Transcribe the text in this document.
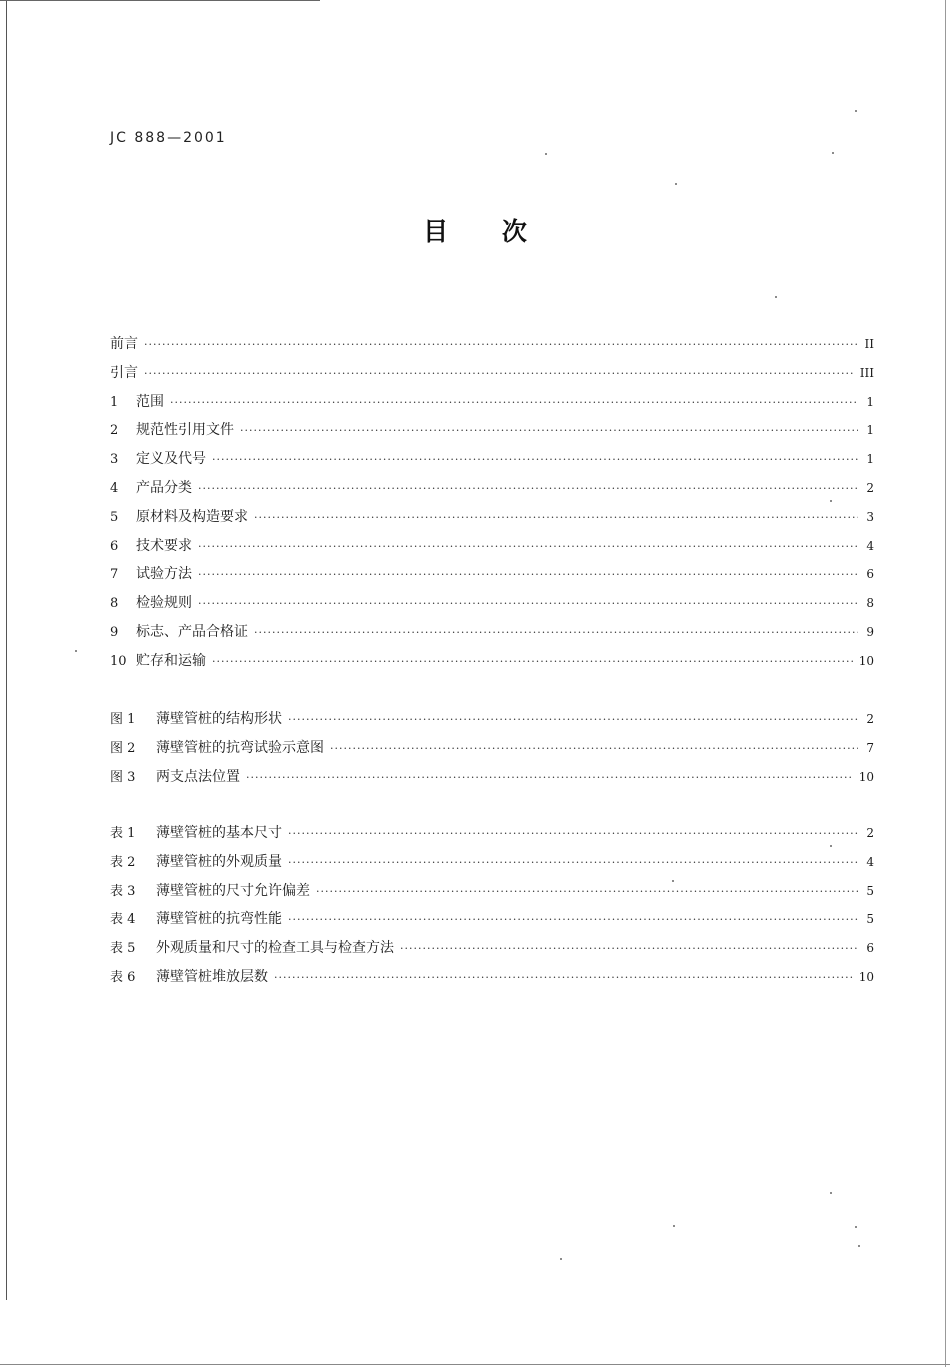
JC 888—2001
目 次
前言 ·····	II
引言 ·····	III
1	范围 ·····	1
2	规范性引用文件 ·····	1
3	定义及代号 ·····	1
4	产品分类 ·····	2
5	原材料及构造要求 ·····	3
6	技术要求 ·····	4
7	试验方法 ·····	6
8	检验规则 ·····	8
9	标志、产品合格证 ·····	9
10 贮存和运输 ·····	10
图 1	薄壁管桩的结构形状 ·····	2
图 2	薄壁管桩的抗弯试验示意图 ·····	7
图 3	两支点法位置 ·····	10
表 1	薄壁管桩的基本尺寸 ·····	2
表 2	薄壁管桩的外观质量 ·····	4
表 3	薄壁管桩的尺寸允许偏差 ·····	5
表 4	薄壁管桩的抗弯性能 ·····	5
表 5	外观质量和尺寸的检查工具与检查方法 ·····	6
表 6	薄壁管桩堆放层数 ·····	10
